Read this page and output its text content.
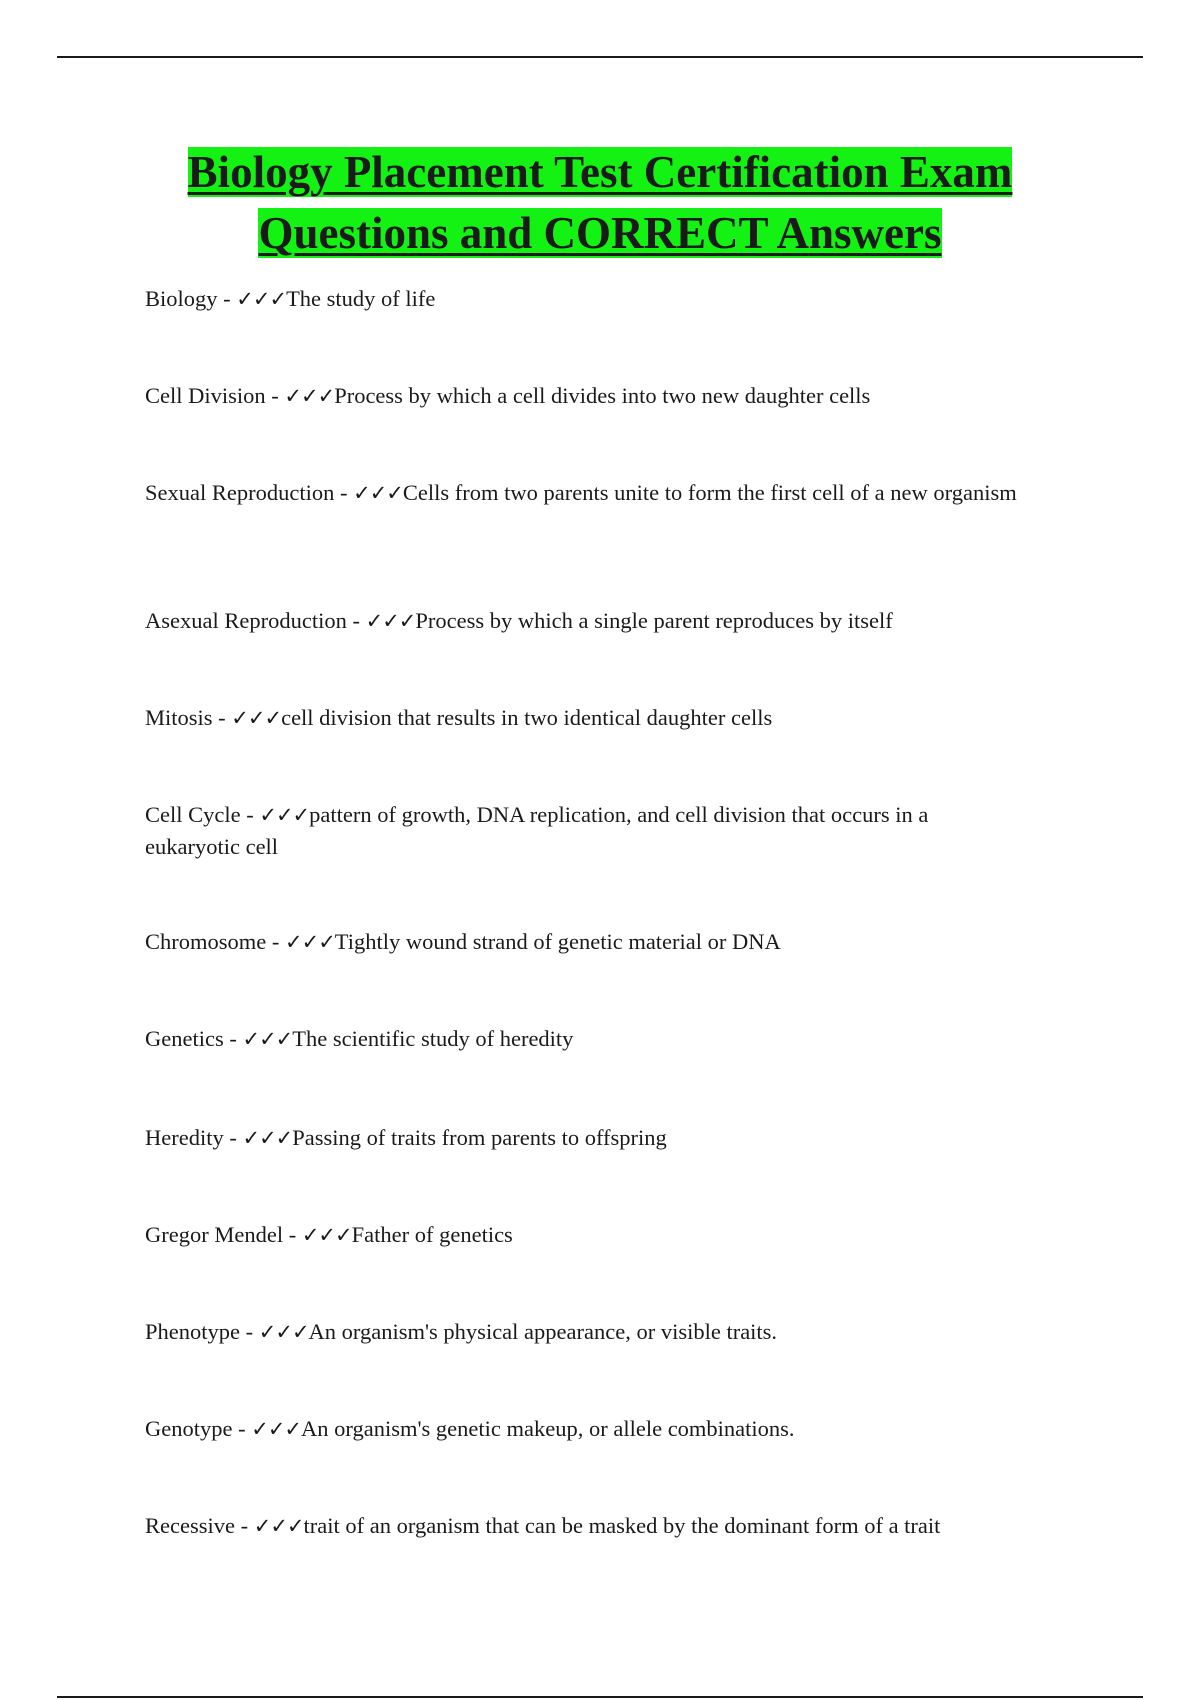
Biology Placement Test Certification Exam
Questions and CORRECT Answers

Biology - ✓✓✓The study of life

Cell Division - ✓✓✓Process by which a cell divides into two new daughter cells

Sexual Reproduction - ✓✓✓Cells from two parents unite to form the first cell of a new organism

Asexual Reproduction - ✓✓✓Process by which a single parent reproduces by itself

Mitosis - ✓✓✓cell division that results in two identical daughter cells

Cell Cycle - ✓✓✓pattern of growth, DNA replication, and cell division that occurs in a eukaryotic cell

Chromosome - ✓✓✓Tightly wound strand of genetic material or DNA

Genetics - ✓✓✓The scientific study of heredity

Heredity - ✓✓✓Passing of traits from parents to offspring

Gregor Mendel - ✓✓✓Father of genetics

Phenotype - ✓✓✓An organism's physical appearance, or visible traits.

Genotype - ✓✓✓An organism's genetic makeup, or allele combinations.

Recessive - ✓✓✓trait of an organism that can be masked by the dominant form of a trait
